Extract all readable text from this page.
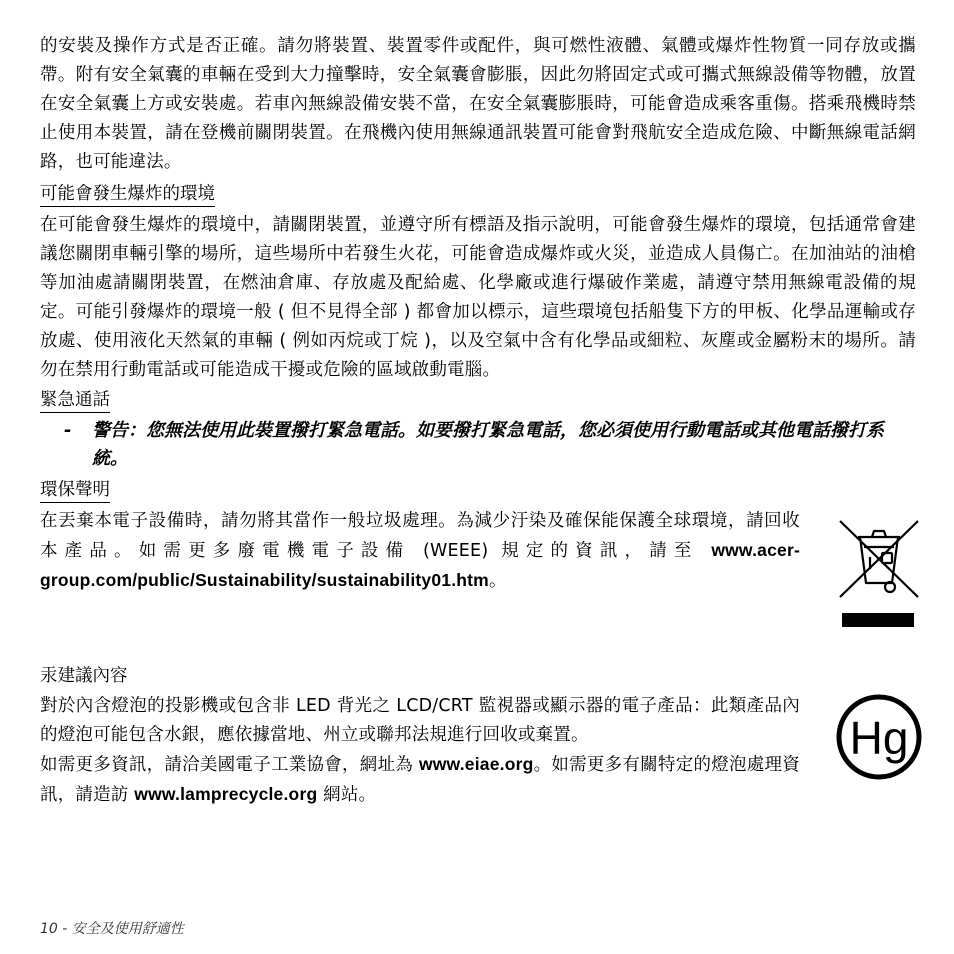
的安裝及操作方式是否正確。請勿將裝置、裝置零件或配件，與可燃性液體、氣體或爆炸性物質一同存放或攜帶。附有安全氣囊的車輛在受到大力撞擊時，安全氣囊會膨脹，因此勿將固定式或可攜式無線設備等物體，放置在安全氣囊上方或安裝處。若車內無線設備安裝不當，在安全氣囊膨脹時，可能會造成乘客重傷。搭乘飛機時禁止使用本裝置，請在登機前關閉裝置。在飛機內使用無線通訊裝置可能會對飛航安全造成危險、中斷無線電話網路，也可能違法。

可能會發生爆炸的環境

在可能會發生爆炸的環境中，請關閉裝置，並遵守所有標語及指示說明，可能會發生爆炸的環境，包括通常會建議您關閉車輛引擎的場所，這些場所中若發生火花，可能會造成爆炸或火災，並造成人員傷亡。在加油站的油槍等加油處請關閉裝置，在燃油倉庫、存放處及配給處、化學廠或進行爆破作業處，請遵守禁用無線電設備的規定。可能引發爆炸的環境一般 ( 但不見得全部 ) 都會加以標示，這些環境包括船隻下方的甲板、化學品運輸或存放處、使用液化天然氣的車輛 ( 例如丙烷或丁烷 )，以及空氣中含有化學品或細粒、灰塵或金屬粉末的場所。請勿在禁用行動電話或可能造成干擾或危險的區域啟動電腦。

緊急通話
-	警告：您無法使用此裝置撥打緊急電話。如要撥打緊急電話，您必須使用行動電話或其他電話撥打系統。
環保聲明

在丟棄本電子設備時，請勿將其當作一般垃圾處理。為減少汙染及確保能保護全球環境，請回收本產品。如需更多廢電機電子設備 (WEEE) 規定的資訊，請至 www.acer-group.com/public/Sustainability/sustainability01.htm。

汞建議內容

對於內含燈泡的投影機或包含非 LED 背光之 LCD/CRT 監視器或顯示器的電子產品：此類產品內的燈泡可能包含水銀，應依據當地、州立或聯邦法規進行回收或棄置。

如需更多資訊，請洽美國電子工業協會，網址為 www.eiae.org。如需更多有關特定的燈泡處理資訊，請造訪 www.lamprecycle.org 網站。

Hg
10 - 安全及使用舒適性
